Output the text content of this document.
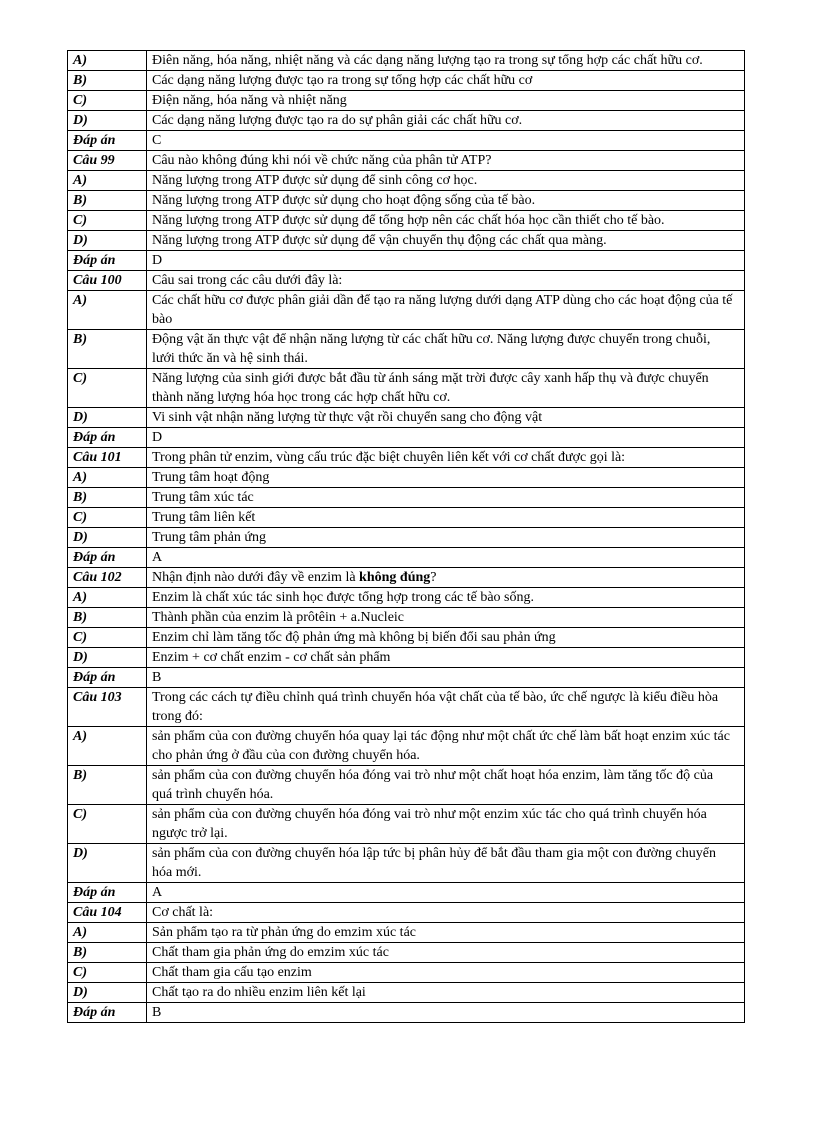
A)	Điên năng, hóa năng, nhiệt năng và các dạng năng lượng tạo ra trong sự tổng hợp các chất hữu cơ.
B)	Các dạng năng lượng được tạo ra trong sự tổng hợp các chất hữu cơ
C)	Điện năng, hóa năng và nhiệt năng
D)	Các dạng năng lượng được tạo ra do sự phân giải các chất hữu cơ.
Đáp án	C
Câu 99	Câu nào không đúng khi nói về chức năng của phân tử ATP?
A)	Năng lượng trong ATP được sử dụng để sinh công cơ học.
B)	Năng lượng trong ATP được sử dụng cho hoạt động sống của tế bào.
C)	Năng lượng trong ATP được sử dụng để tổng hợp nên các chất hóa học cần thiết cho tế bào.
D)	Năng lượng trong ATP được sử dụng để vận chuyển thụ động các chất qua màng.
Đáp án	D
Câu 100	Câu sai trong các câu dưới đây là:
A)	Các chất hữu cơ được phân giải dần để tạo ra năng lượng dưới dạng ATP dùng cho các hoạt động của tế bào
B)	Động vật ăn thực vật để nhận năng lượng từ các chất hữu cơ. Năng lượng được chuyển trong chuỗi, lưới thức ăn và hệ sinh thái.
C)	Năng lượng của sinh giới được bắt đầu từ ánh sáng mặt trời được cây xanh hấp thụ và được chuyển thành năng lượng hóa học trong các hợp chất hữu cơ.
D)	Vi sinh vật nhận năng lượng từ thực vật rồi chuyển sang cho động vật
Đáp án	D
Câu 101	Trong phân tử enzim, vùng cấu trúc đặc biệt chuyên liên kết với cơ chất được gọi là:
A)	Trung tâm hoạt động
B)	Trung tâm xúc tác
C)	Trung tâm liên kết
D)	Trung tâm phản ứng
Đáp án	A
Câu 102	Nhận định nào dưới đây về enzim là không đúng?
A)	Enzim là chất xúc tác sinh học được tổng hợp trong các tế bào sống.
B)	Thành phần của enzim là prôtêin + a.Nucleic
C)	Enzim chỉ làm tăng tốc độ phản ứng mà không bị biến đổi sau phản ứng
D)	Enzim + cơ chất enzim - cơ chất sản phẩm
Đáp án	B
Câu 103	Trong các cách tự điều chỉnh quá trình chuyển hóa vật chất của tế bào, ức chế ngược là kiểu điều hòa trong đó:
A)	sản phẩm của con đường chuyển hóa quay lại tác động như một chất ức chế làm bất hoạt enzim xúc tác cho phản ứng ở đầu của con đường chuyển hóa.
B)	sản phẩm của con đường chuyển hóa đóng vai trò như một chất hoạt hóa enzim, làm tăng tốc độ của quá trình chuyển hóa.
C)	sản phẩm của con đường chuyển hóa đóng vai trò như một enzim xúc tác cho quá trình chuyển hóa ngược trở lại.
D)	sản phẩm của con đường chuyển hóa lập tức bị phân hủy để bắt đầu tham gia một con đường chuyển hóa mới.
Đáp án	A
Câu 104	Cơ chất là:
A)	Sản phẩm tạo ra từ phản ứng do emzim xúc tác
B)	Chất tham gia phản ứng do emzim xúc tác
C)	Chất tham gia cấu tạo enzim
D)	Chất tạo ra do nhiều enzim liên kết lại
Đáp án	B
